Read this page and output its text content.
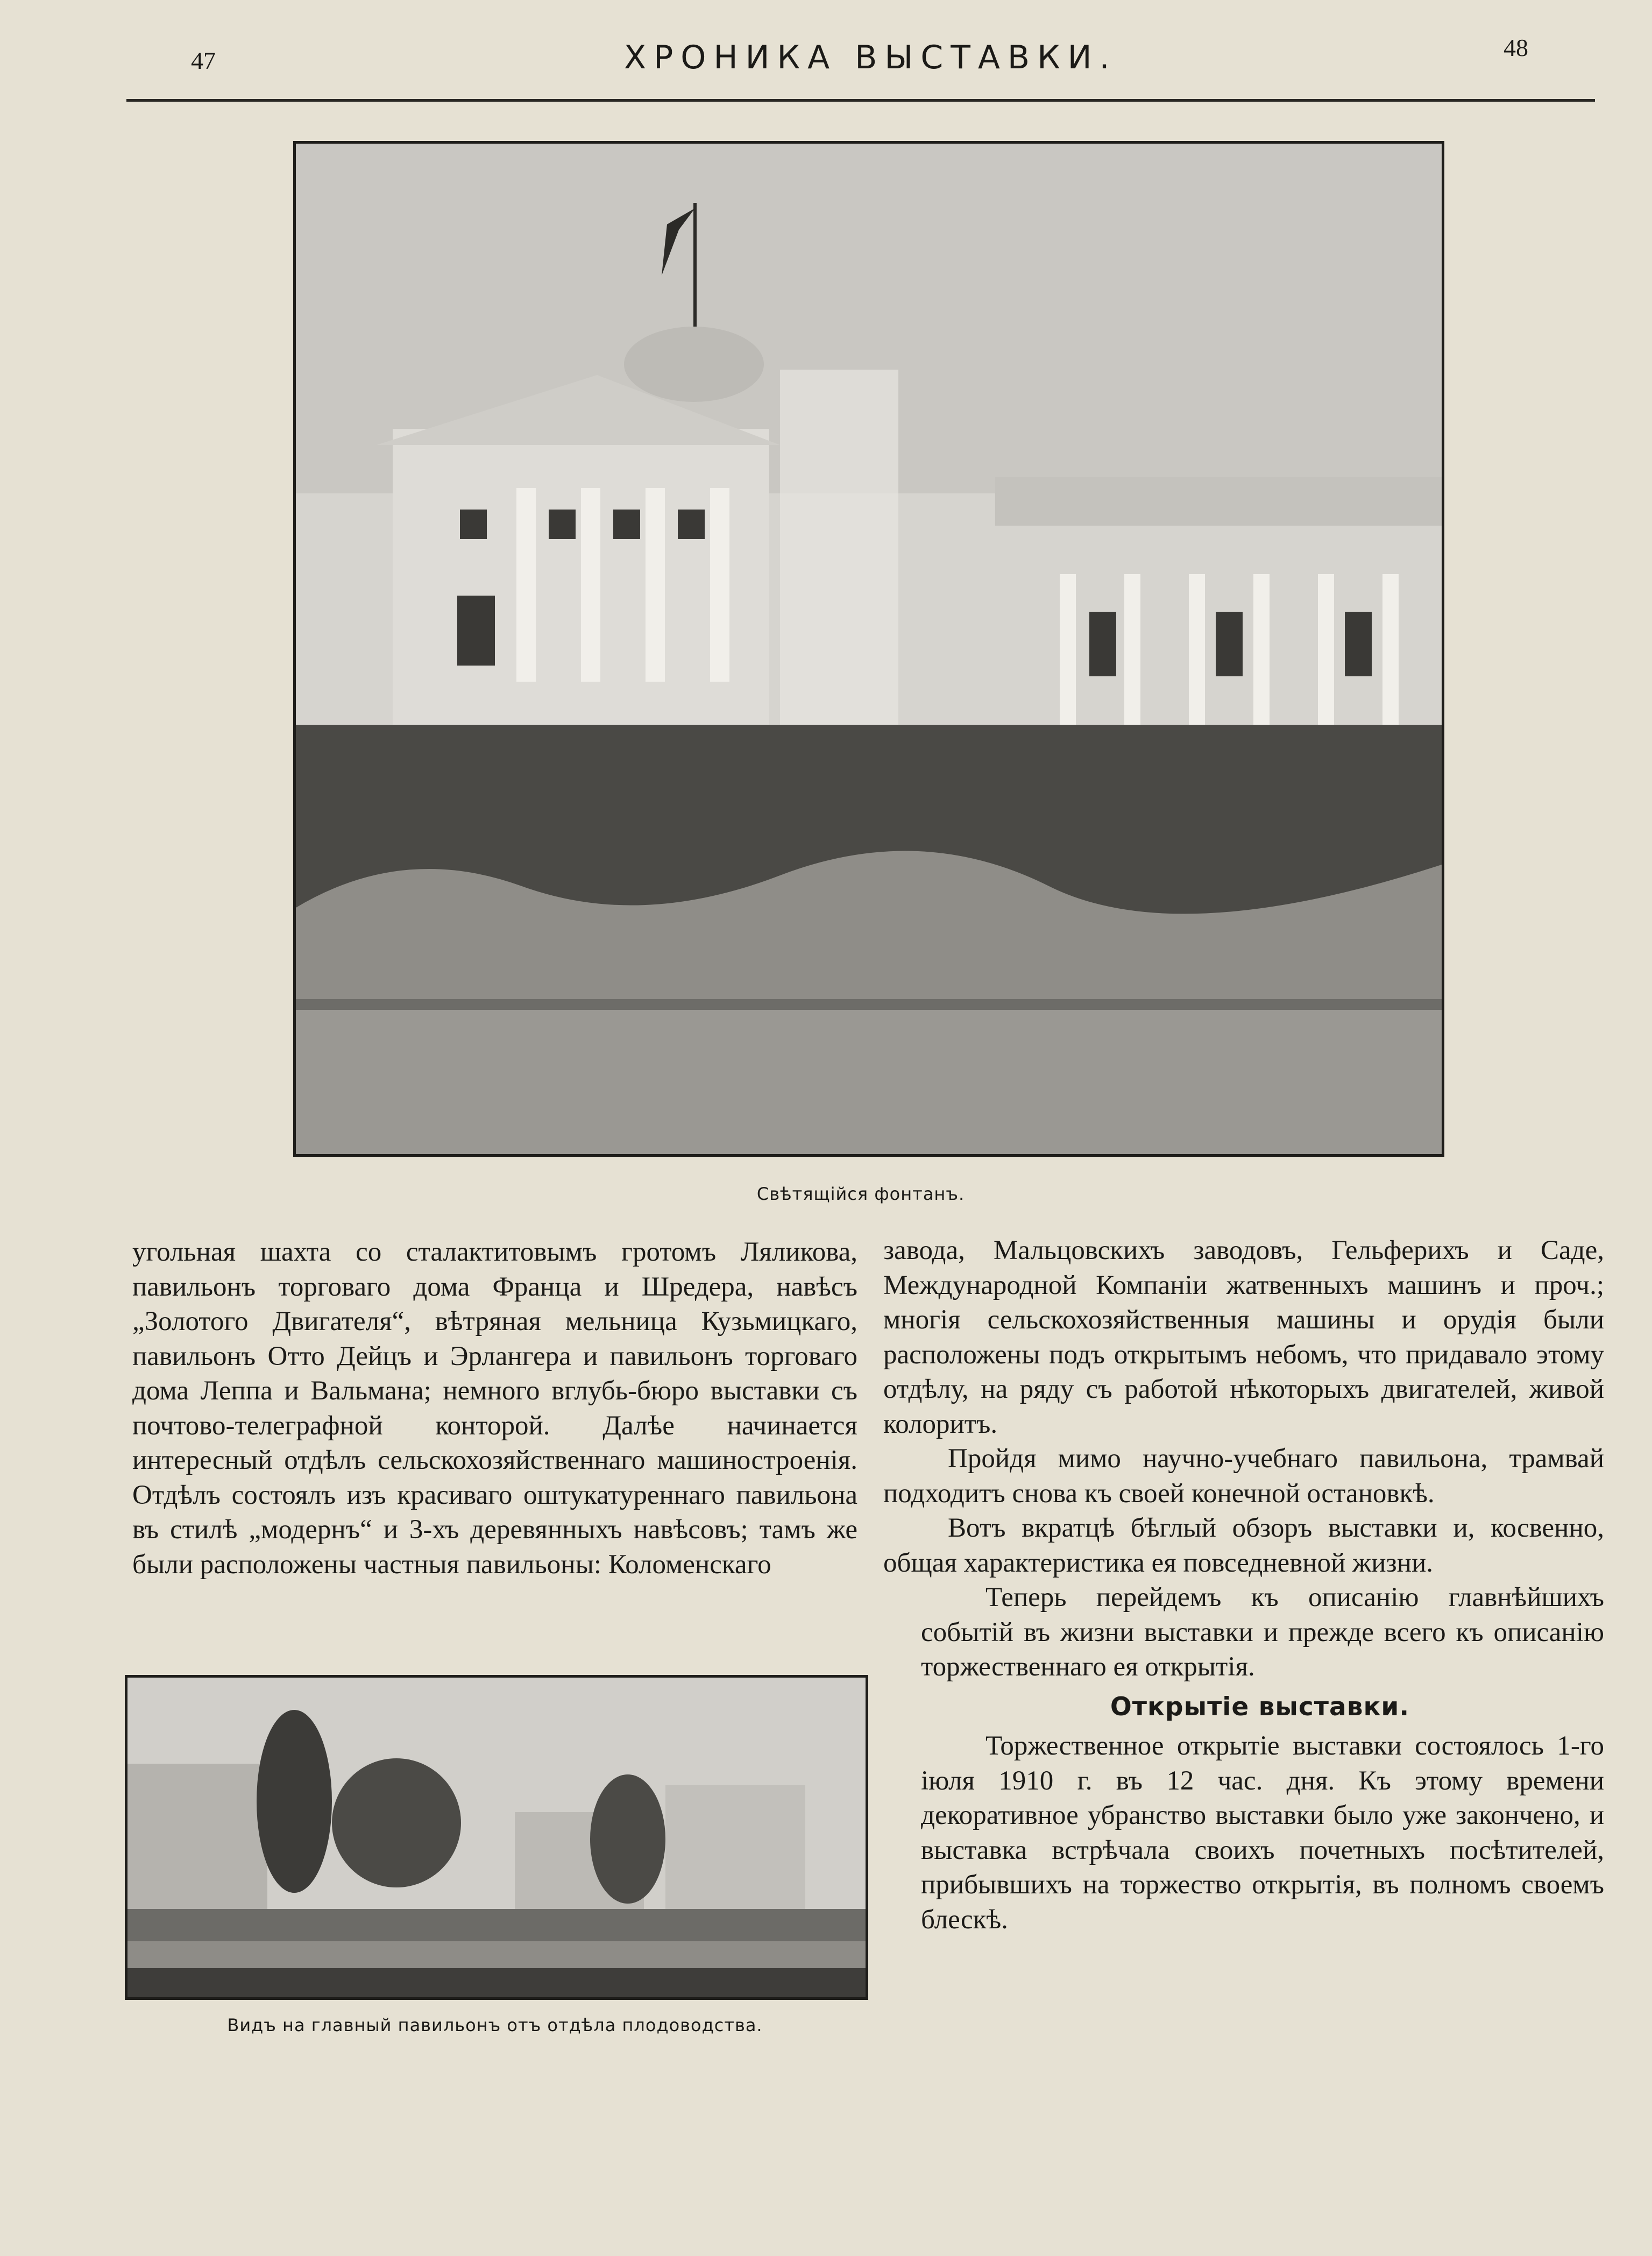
47	ХРОНИКА ВЫСТАВКИ.	48
Свѣтящiйся фонтанъ.

угольная шахта со сталактитовымъ гротомъ Ляликова, павильонъ торговаго дома Франца и Шредера, навѣсъ „Золотого Двигателя“, вѣтряная мельница Кузьмицкаго, павильонъ Отто Дейцъ и Эрлангера и павильонъ торговаго дома Леппа и Вальмана; немного вглубь-бюро выставки съ почтово-телеграфной конторой. Далѣе начинается интересный отдѣлъ сельскохозяйственнаго машиностроенiя. Отдѣлъ состоялъ изъ красиваго оштукатуреннаго павильона въ стилѣ „модернъ“ и 3-хъ деревянныхъ навѣсовъ; тамъ же были расположены частныя павильоны: Коломенскаго

Видъ на главный павильонъ отъ отдѣла плодоводства.

завода, Мальцовскихъ заводовъ, Гельферихъ и Саде, Международной Компанiи жатвенныхъ машинъ и проч.; многiя сельскохозяйственныя машины и орудiя были расположены подъ открытымъ небомъ, что придавало этому отдѣлу, на ряду съ работой нѣкоторыхъ двигателей, живой колоритъ.

Пройдя мимо научно-учебнаго павильона, трамвай подходитъ снова къ своей конечной остановкѣ.

Вотъ вкратцѣ бѣглый обзоръ выставки и, косвенно, общая характеристика ея повседневной жизни.

Теперь перейдемъ къ описанiю главнѣйшихъ событiй въ жизни выставки и прежде всего къ описанiю торжественнаго ея открытiя.

Открытiе выставки.

Торжественное открытiе выставки состоялось 1-го iюля 1910 г. въ 12 час. дня. Къ этому времени декоративное убранство выставки было уже закончено, и выставка встрѣчала своихъ почетныхъ посѣтителей, прибывшихъ на торжество открытiя, въ полномъ своемъ блескѣ.
